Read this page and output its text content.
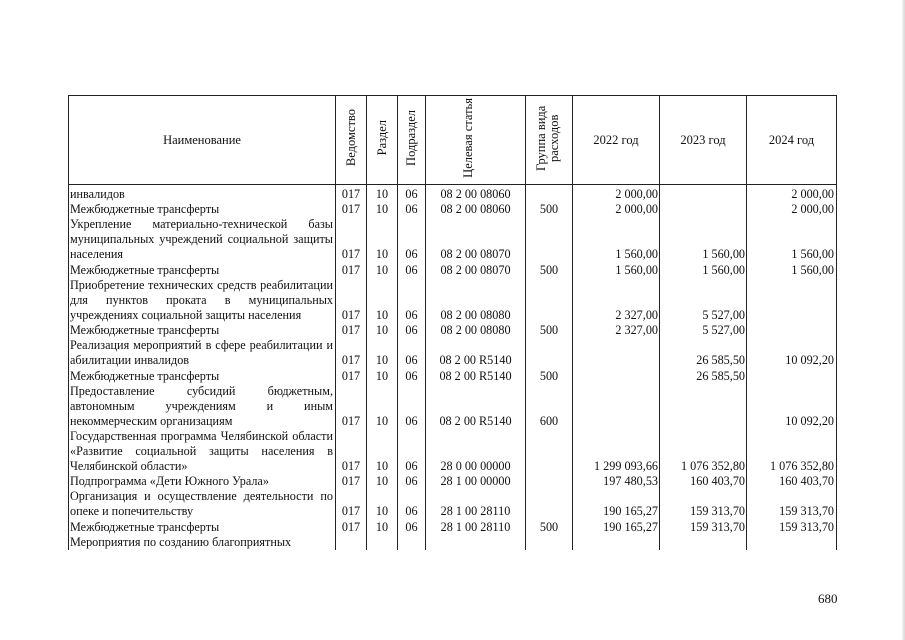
Наименование	Ведомство	Раздел	Подраздел	Целевая статья	Группа вида расходов	2022 год	2023 год	2024 год
инвалидов	017	10	06	08 2 00 08060		2 000,00		2 000,00
Межбюджетные трансферты	017	10	06	08 2 00 08060	500	2 000,00		2 000,00
Укрепление материально-технической базы муниципальных учреждений социальной защиты населения	017	10	06	08 2 00 08070		1 560,00	1 560,00	1 560,00
Межбюджетные трансферты	017	10	06	08 2 00 08070	500	1 560,00	1 560,00	1 560,00
Приобретение технических средств реабилитации для пунктов проката в муниципальных учреждениях социальной защиты населения	017	10	06	08 2 00 08080		2 327,00	5 527,00	
Межбюджетные трансферты	017	10	06	08 2 00 08080	500	2 327,00	5 527,00	
Реализация мероприятий в сфере реабилитации и абилитации инвалидов	017	10	06	08 2 00 R5140			26 585,50	10 092,20
Межбюджетные трансферты	017	10	06	08 2 00 R5140	500		26 585,50	
Предоставление субсидий бюджетным, автономным учреждениям и иным некоммерческим организациям	017	10	06	08 2 00 R5140	600			10 092,20
Государственная программа Челябинской области «Развитие социальной защиты населения в Челябинской области»	017	10	06	28 0 00 00000		1 299 093,66	1 076 352,80	1 076 352,80
Подпрограмма «Дети Южного Урала»	017	10	06	28 1 00 00000		197 480,53	160 403,70	160 403,70
Организация и осуществление деятельности по опеке и попечительству	017	10	06	28 1 00 28110		190 165,27	159 313,70	159 313,70
Межбюджетные трансферты	017	10	06	28 1 00 28110	500	190 165,27	159 313,70	159 313,70
Мероприятия по созданию благоприятных								
680
